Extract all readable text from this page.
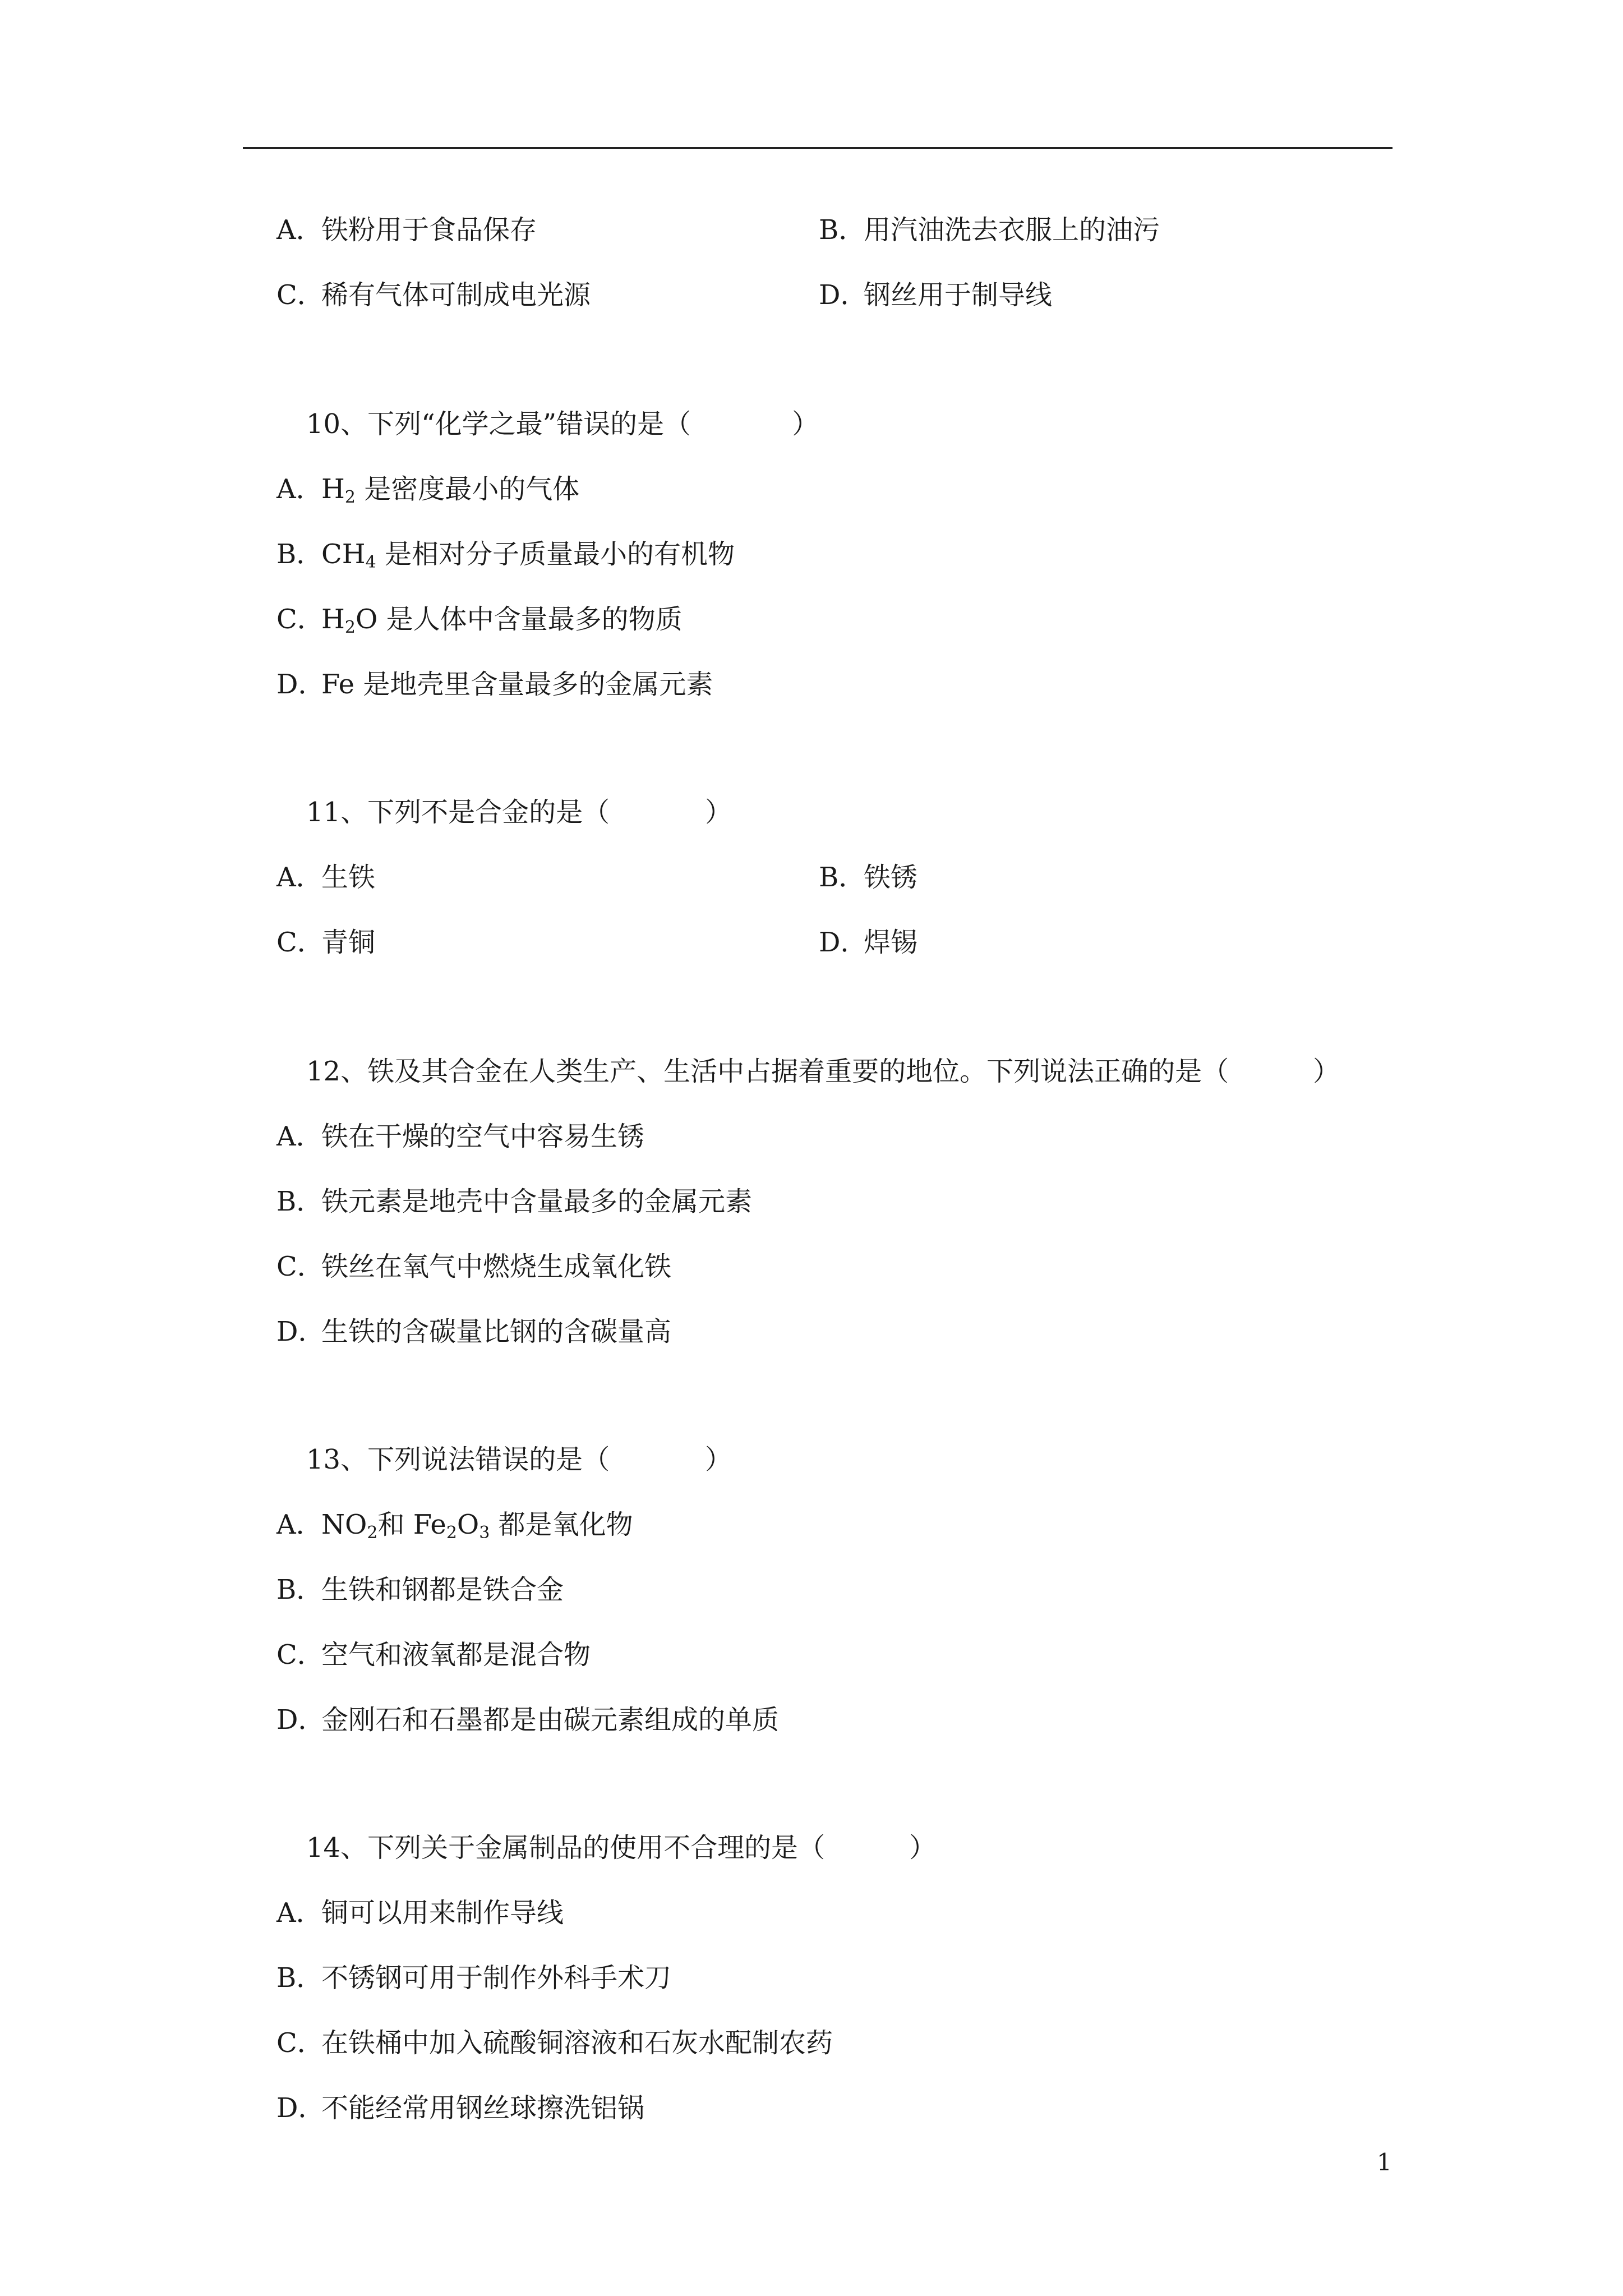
A．铁粉用于食品保存	B．用汽油洗去衣服上的油污
C．稀有气体可制成电光源	D．钢丝用于制导线
10、下列“化学之最”错误的是（	）
A．$H_2$ 是密度最小的气体
B．$CH_4$ 是相对分子质量最小的有机物
C．$H_2O$ 是人体中含量最多的物质
D．Fe 是地壳里含量最多的金属元素
11、下列不是合金的是（	）
A．生铁	B．铁锈
C．青铜	D．焊锡
12、铁及其合金在人类生产、生活中占据着重要的地位。下列说法正确的是（	）
A．铁在干燥的空气中容易生锈
B．铁元素是地壳中含量最多的金属元素
C．铁丝在氧气中燃烧生成氧化铁
D．生铁的含碳量比钢的含碳量高
13、下列说法错误的是（	）
A．$NO_2$和 $Fe_2O_3$ 都是氧化物
B．生铁和钢都是铁合金
C．空气和液氧都是混合物
D．金刚石和石墨都是由碳元素组成的单质
14、下列关于金属制品的使用不合理的是（	）
A．铜可以用来制作导线
B．不锈钢可用于制作外科手术刀
C．在铁桶中加入硫酸铜溶液和石灰水配制农药
D．不能经常用钢丝球擦洗铝锅
1
